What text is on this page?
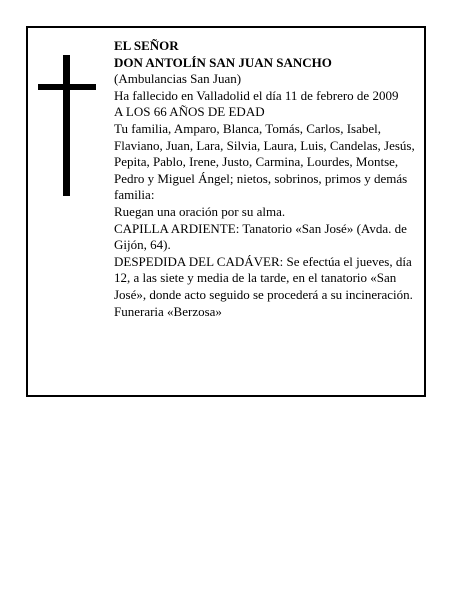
EL SEÑOR

DON ANTOLÍN SAN JUAN SANCHO

(Ambulancias San Juan)

Ha fallecido en Valladolid el día 11 de febrero de 2009

A LOS 66 AÑOS DE EDAD

Tu familia, Amparo, Blanca, Tomás, Carlos, Isabel, Flaviano, Juan, Lara, Silvia, Laura, Luis, Candelas, Jesús, Pepita, Pablo, Irene, Justo, Carmina, Lourdes, Montse, Pedro y Miguel Ángel; nietos, sobrinos, primos y demás familia:

Ruegan una oración por su alma.

CAPILLA ARDIENTE: Tanatorio «San José» (Avda. de Gijón, 64).

DESPEDIDA DEL CADÁVER: Se efectúa el jueves, día 12, a las siete y media de la tarde, en el tanatorio «San José», donde acto seguido se procederá a su incineración.

Funeraria «Berzosa»
